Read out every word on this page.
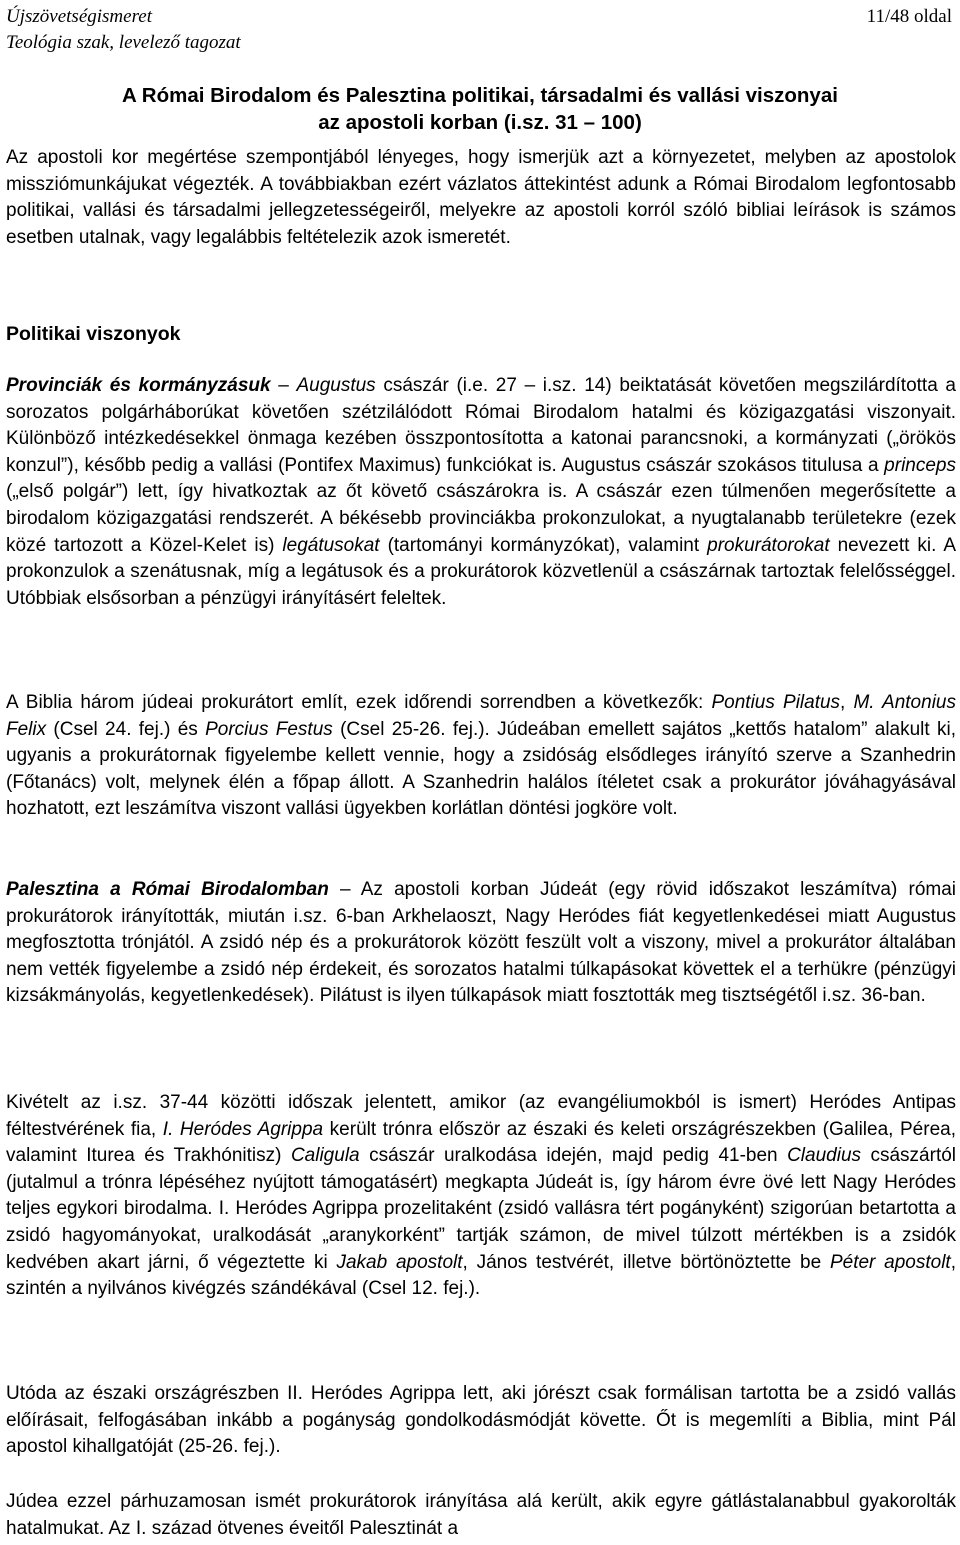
Újszövetségismeret
Teológia szak, levelező tagozat
11/48 oldal
A Római Birodalom és Palesztina politikai, társadalmi és vallási viszonyai
az apostoli korban (i.sz. 31 – 100)
Az apostoli kor megértése szempontjából lényeges, hogy ismerjük azt a környezetet, melyben az apostolok missziómunkájukat végezték. A továbbiakban ezért vázlatos áttekintést adunk a Római Birodalom legfontosabb politikai, vallási és társadalmi jellegzetességeiről, melyekre az apostoli korról szóló bibliai leírások is számos esetben utalnak, vagy legalábbis feltételezik azok ismeretét.
Politikai viszonyok
Provinciák és kormányzásuk – Augustus császár (i.e. 27 – i.sz. 14) beiktatását követően megszilárdította a sorozatos polgárháborúkat követően szétzilálódott Római Birodalom hatalmi és közigazgatási viszonyait. Különböző intézkedésekkel önmaga kezében összpontosította a katonai parancsnoki, a kormányzati („örökös konzul”), később pedig a vallási (Pontifex Maximus) funkciókat is. Augustus császár szokásos titulusa a princeps („első polgár”) lett, így hivatkoztak az őt követő császárokra is. A császár ezen túlmenően megerősítette a birodalom közigazgatási rendszerét. A békésebb provinciákba prokonzulokat, a nyugtalanabb területekre (ezek közé tartozott a Közel-Kelet is) legátusokat (tartományi kormányzókat), valamint prokurátorokat nevezett ki. A prokonzulok a szenátusnak, míg a legátusok és a prokurátorok közvetlenül a császárnak tartoztak felelősséggel. Utóbbiak elsősorban a pénzügyi irányításért feleltek.
A Biblia három júdeai prokurátort említ, ezek időrendi sorrendben a következők: Pontius Pilatus, M. Antonius Felix (Csel 24. fej.) és Porcius Festus (Csel 25-26. fej.). Júdeában emellett sajátos „kettős hatalom” alakult ki, ugyanis a prokurátornak figyelembe kellett vennie, hogy a zsidóság elsődleges irányító szerve a Szanhedrin (Főtanács) volt, melynek élén a főpap állott. A Szanhedrin halálos ítéletet csak a prokurátor jóváhagyásával hozhatott, ezt leszámítva viszont vallási ügyekben korlátlan döntési jogköre volt.
Palesztina a Római Birodalomban – Az apostoli korban Júdeát (egy rövid időszakot leszámítva) római prokurátorok irányították, miután i.sz. 6-ban Arkhelaoszt, Nagy Heródes fiát kegyetlenkedései miatt Augustus megfosztotta trónjától. A zsidó nép és a prokurátorok között feszült volt a viszony, mivel a prokurátor általában nem vették figyelembe a zsidó nép érdekeit, és sorozatos hatalmi túlkapásokat követtek el a terhükre (pénzügyi kizsákmányolás, kegyetlenkedések). Pilátust is ilyen túlkapások miatt fosztották meg tisztségétől i.sz. 36-ban.
Kivételt az i.sz. 37-44 közötti időszak jelentett, amikor (az evangéliumokból is ismert) Heródes Antipas féltestvérének fia, I. Heródes Agrippa került trónra először az északi és keleti országrészekben (Galilea, Pérea, valamint Iturea és Trakhónitisz) Caligula császár uralkodása idején, majd pedig 41-ben Claudius császártól (jutalmul a trónra lépéséhez nyújtott támogatásért) megkapta Júdeát is, így három évre övé lett Nagy Heródes teljes egykori birodalma. I. Heródes Agrippa prozelitaként (zsidó vallásra tért pogányként) szigorúan betartotta a zsidó hagyományokat, uralkodását „aranykorként” tartják számon, de mivel túlzott mértékben is a zsidók kedvében akart járni, ő végeztette ki Jakab apostolt, János testvérét, illetve börtönöztette be Péter apostolt, szintén a nyilvános kivégzés szándékával (Csel 12. fej.).
Utóda az északi országrészben II. Heródes Agrippa lett, aki jórészt csak formálisan tartotta be a zsidó vallás előírásait, felfogásában inkább a pogányság gondolkodásmódját követte. Őt is megemlíti a Biblia, mint Pál apostol kihallgatóját (25-26. fej.).
Júdea ezzel párhuzamosan ismét prokurátorok irányítása alá került, akik egyre gátlástalanabbul gyakorolták hatalmukat. Az I. század ötvenes éveitől Palesztinát a
